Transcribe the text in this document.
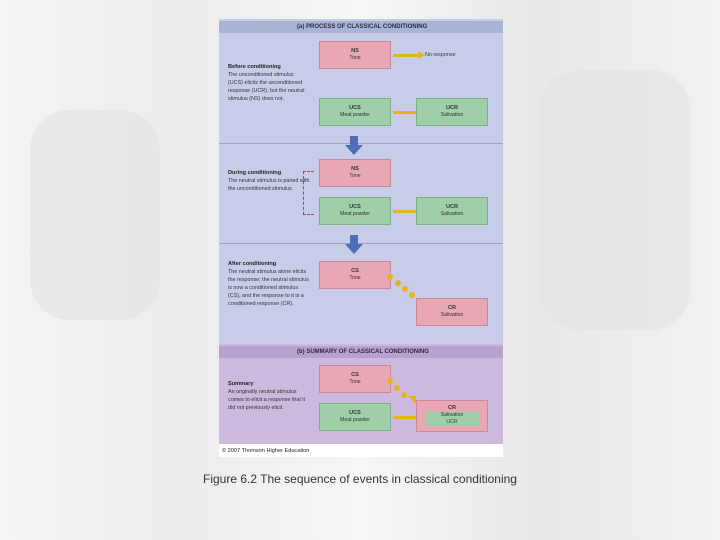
(a) PROCESS OF CLASSICAL CONDITIONING
Before conditioning
The unconditioned stimulus (UCS) elicits the unconditioned response (UCR), but the neutral stimulus (NS) does not.
NS
Tone	No response
UCS
Meat powder
UCR
Salivation
During conditioning
The neutral stimulus is paired with the unconditioned stimulus.
NS
Tone
UCS
Meat powder
UCR
Salivation
After conditioning
The neutral stimulus alone elicits the response; the neutral stimulus is now a conditioned stimulus (CS), and the response to it is a conditioned response (CR).
CS
Tone
CR
Salivation
(b) SUMMARY OF CLASSICAL CONDITIONING
Summary
An originally neutral stimulus comes to elicit a response that it did not previously elicit.
CS
Tone
UCS
Meat powder
CR
Salivation
UCR
© 2007 Thomson Higher Education
Figure 6.2 The sequence of events in classical conditioning
